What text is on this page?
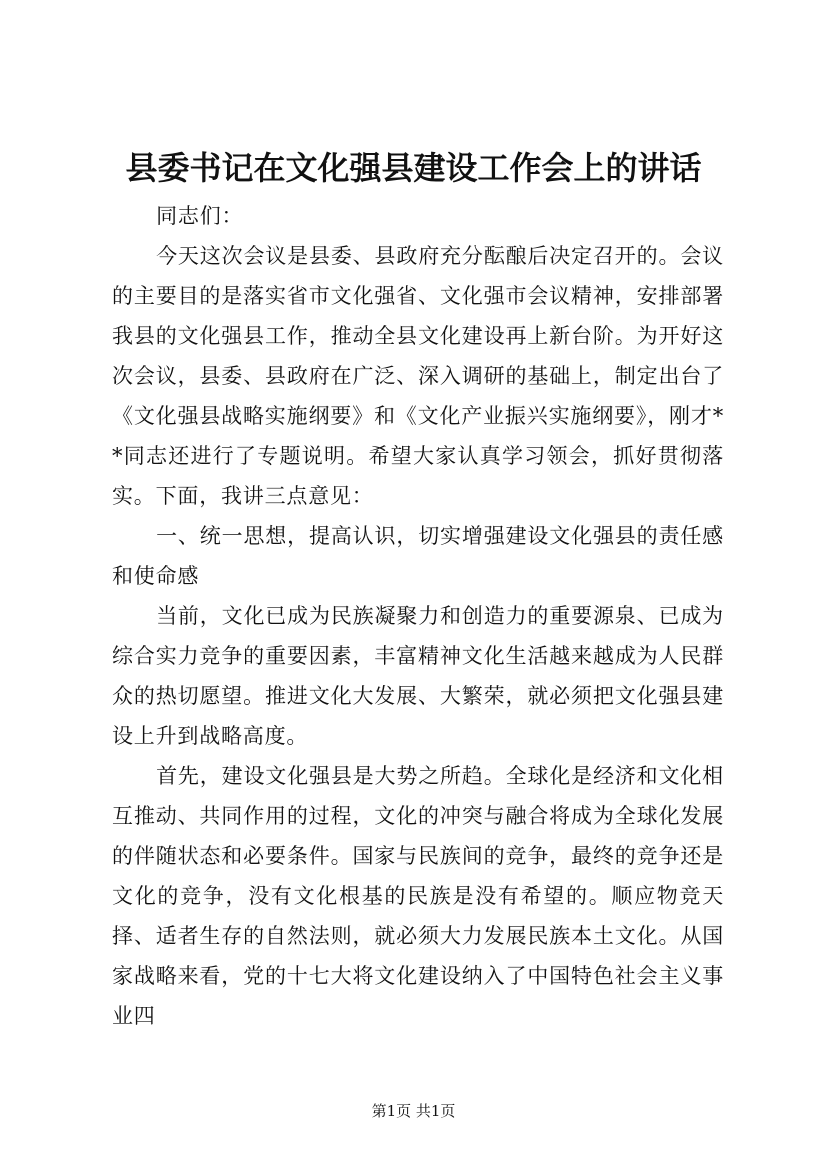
县委书记在文化强县建设工作会上的讲话

同志们：

今天这次会议是县委、县政府充分酝酿后决定召开的。会议的主要目的是落实省市文化强省、文化强市会议精神，安排部署我县的文化强县工作，推动全县文化建设再上新台阶。为开好这次会议，县委、县政府在广泛、深入调研的基础上，制定出台了《文化强县战略实施纲要》和《文化产业振兴实施纲要》，刚才**同志还进行了专题说明。希望大家认真学习领会，抓好贯彻落实。下面，我讲三点意见：

一、统一思想，提高认识，切实增强建设文化强县的责任感和使命感

当前，文化已成为民族凝聚力和创造力的重要源泉、已成为综合实力竞争的重要因素，丰富精神文化生活越来越成为人民群众的热切愿望。推进文化大发展、大繁荣，就必须把文化强县建设上升到战略高度。

首先，建设文化强县是大势之所趋。全球化是经济和文化相互推动、共同作用的过程，文化的冲突与融合将成为全球化发展的伴随状态和必要条件。国家与民族间的竞争，最终的竞争还是文化的竞争，没有文化根基的民族是没有希望的。顺应物竞天择、适者生存的自然法则，就必须大力发展民族本土文化。从国家战略来看，党的十七大将文化建设纳入了中国特色社会主义事业四

第1页 共1页
